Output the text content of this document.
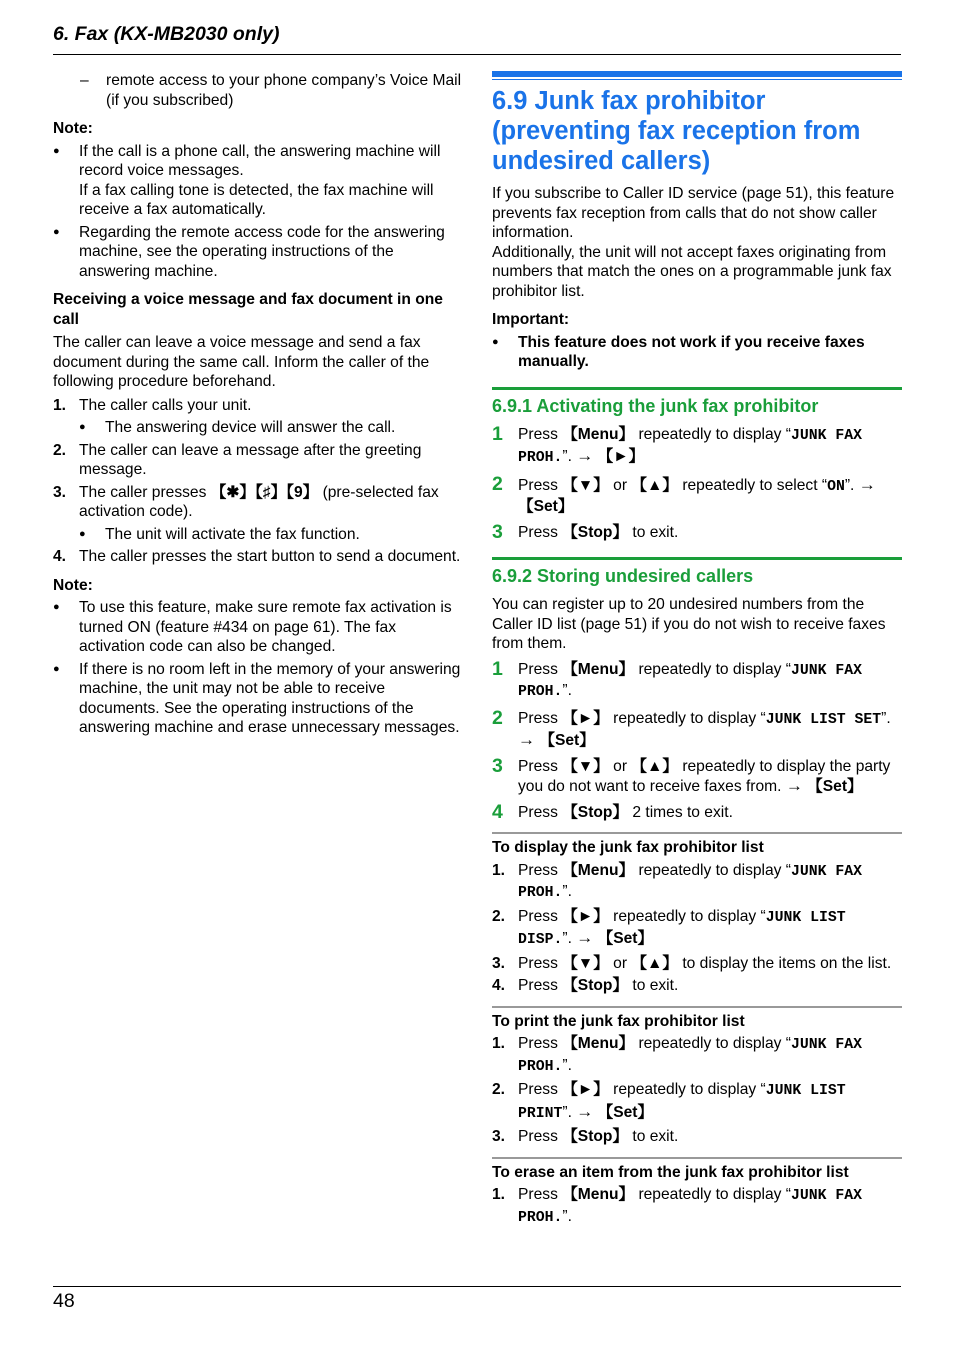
6. Fax (KX-MB2030 only)
–	remote access to your phone company’s Voice Mail (if you subscribed)

Note:

●	If the call is a phone call, the answering machine will record voice messages.

If a fax calling tone is detected, the fax machine will receive a fax automatically.

●	Regarding the remote access code for the answering machine, see the operating instructions of the answering machine.

Receiving a voice message and fax document in one call

The caller can leave a voice message and send a fax document during the same call. Inform the caller of the following procedure beforehand.

1. The caller calls your unit.

●	The answering device will answer the call.
2. The caller can leave a message after the greeting message.

3. The caller presses 【✱】【♯】【9】 (pre-selected fax activation code).

●	The unit will activate the fax function.
4. The caller presses the start button to send a document.

Note:

●	To use this feature, make sure remote fax activation is turned ON (feature #434 on page 61). The fax activation code can also be changed.

●	If there is no room left in the memory of your answering machine, the unit may not be able to receive documents. See the operating instructions of the answering machine and erase unnecessary messages.

6.9 Junk fax prohibitor (preventing fax reception from undesired callers)

If you subscribe to Caller ID service (page 51), this feature prevents fax reception from calls that do not show caller information.

Additionally, the unit will not accept faxes originating from numbers that match the ones on a programmable junk fax prohibitor list.

Important:

●	This feature does not work if you receive faxes manually.

6.9.1 Activating the junk fax prohibitor

1 Press 【Menu】 repeatedly to display “JUNK FAX PROH.”. → 【►】

2 Press 【▼】 or 【▲】 repeatedly to select “ON”. → 【Set】

3 Press 【Stop】 to exit.

6.9.2 Storing undesired callers

You can register up to 20 undesired numbers from the Caller ID list (page 51) if you do not wish to receive faxes from them.

1 Press 【Menu】 repeatedly to display “JUNK FAX PROH.”.

2 Press 【►】 repeatedly to display “JUNK LIST SET”. → 【Set】

3 Press 【▼】 or 【▲】 repeatedly to display the party you do not want to receive faxes from. → 【Set】

4 Press 【Stop】 2 times to exit.

To display the junk fax prohibitor list

1. Press 【Menu】 repeatedly to display “JUNK FAX PROH.”.

2. Press 【►】 repeatedly to display “JUNK LIST DISP.”. → 【Set】

3. Press 【▼】 or 【▲】 to display the items on the list.

4. Press 【Stop】 to exit.

To print the junk fax prohibitor list

1. Press 【Menu】 repeatedly to display “JUNK FAX PROH.”.

2. Press 【►】 repeatedly to display “JUNK LIST PRINT”. → 【Set】

3. Press 【Stop】 to exit.

To erase an item from the junk fax prohibitor list

1. Press 【Menu】 repeatedly to display “JUNK FAX PROH.”.

48
